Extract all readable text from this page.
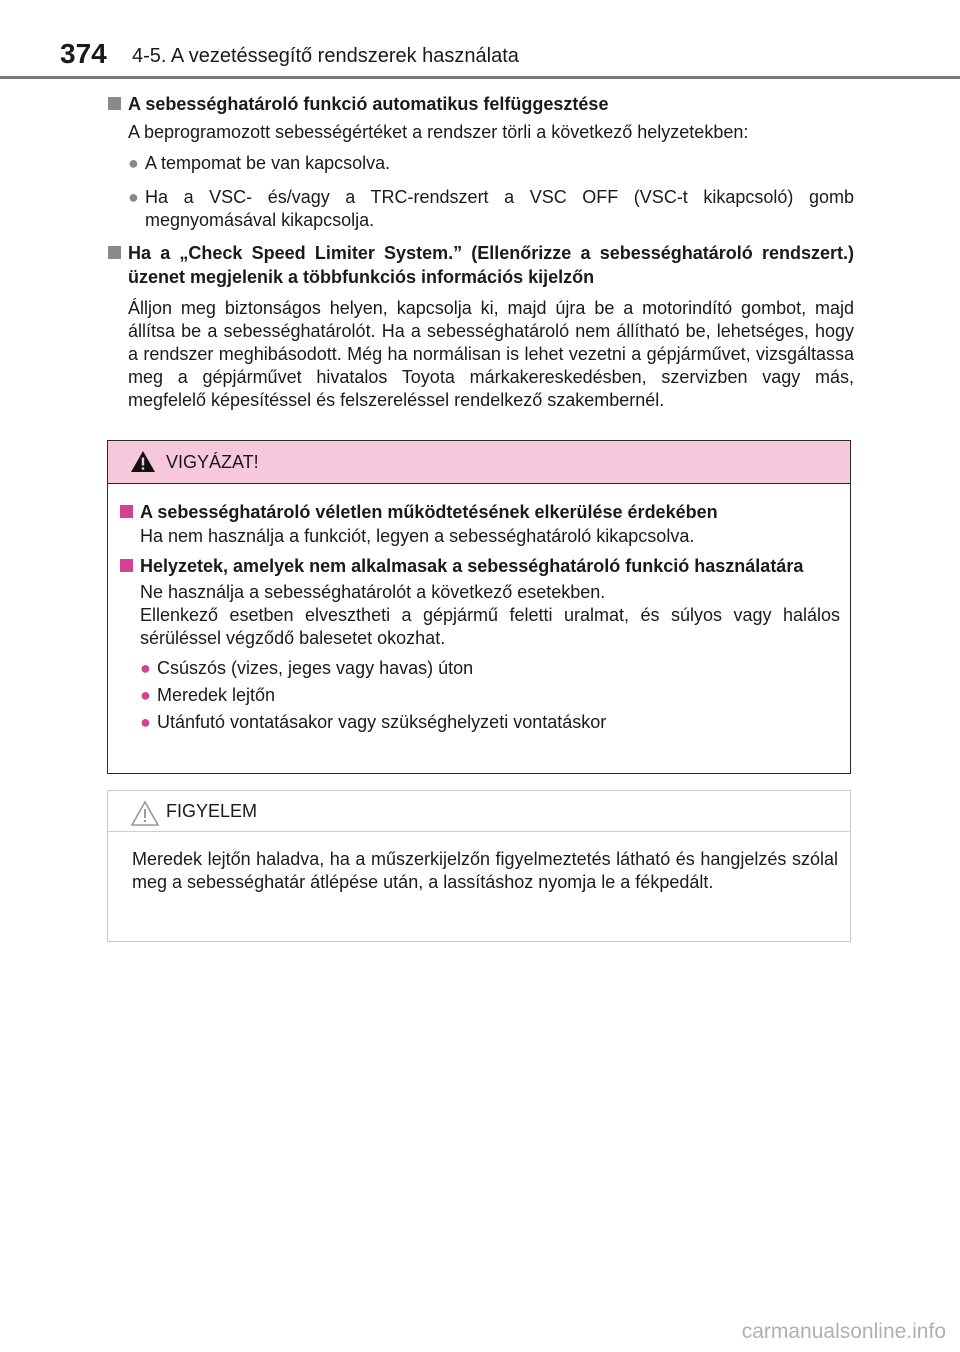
374 4-5. A vezetéssegítő rendszerek használata
A sebességhatároló funkció automatikus felfüggesztése
A beprogramozott sebességértéket a rendszer törli a következő helyzetekben:
● A tempomat be van kapcsolva.
● Ha a VSC- és/vagy a TRC-rendszert a VSC OFF (VSC-t kikapcsoló) gomb megnyomásával kikapcsolja.
Ha a „Check Speed Limiter System.” (Ellenőrizze a sebességhatároló rendszert.) üzenet megjelenik a többfunkciós információs kijelzőn
Álljon meg biztonságos helyen, kapcsolja ki, majd újra be a motorindító gombot, majd állítsa be a sebességhatárolót. Ha a sebességhatároló nem állítható be, lehetséges, hogy a rendszer meghibásodott. Még ha normálisan is lehet vezetni a gépjárművet, vizsgáltassa meg a gépjárművet hivatalos Toyota márkakereskedésben, szervizben vagy más, megfelelő képesítéssel és felszereléssel rendelkező szakembernél.
VIGYÁZAT!
A sebességhatároló véletlen működtetésének elkerülése érdekében
Ha nem használja a funkciót, legyen a sebességhatároló kikapcsolva.
Helyzetek, amelyek nem alkalmasak a sebességhatároló funkció használatára
Ne használja a sebességhatárolót a következő esetekben.
Ellenkező esetben elvesztheti a gépjármű feletti uralmat, és súlyos vagy halálos sérüléssel végződő balesetet okozhat.
● Csúszós (vizes, jeges vagy havas) úton
● Meredek lejtőn
● Utánfutó vontatásakor vagy szükséghelyzeti vontatáskor
FIGYELEM
Meredek lejtőn haladva, ha a műszerkijelzőn figyelmeztetés látható és hangjelzés szólal meg a sebességhatár átlépése után, a lassításhoz nyomja le a fékpedált.
carmanualsonline.info
